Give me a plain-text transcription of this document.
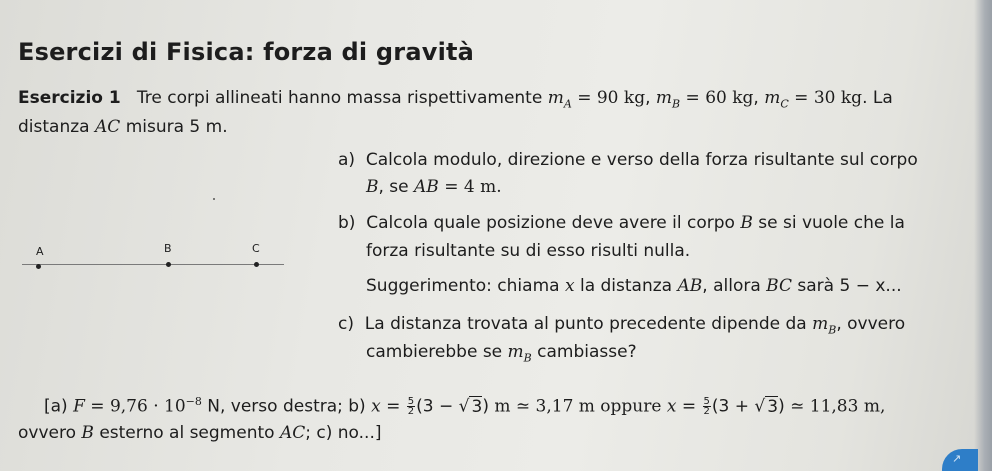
↗
Esercizi di Fisica: forza di gravità
Esercizio 1 Tre corpi allineati hanno massa rispettivamente $m_A = 90$ kg, $m_B = 60$ kg, $m_C = 30$ kg. La
distanza AC misura 5 m.
a) Calcola modulo, direzione e verso della forza risultante sul corpo
B, se AB = 4 m.
b) Calcola quale posizione deve avere il corpo B se si vuole che la
forza risultante su di esso risulti nulla.
Suggerimento: chiama x la distanza AB, allora BC sarà 5 − x...
c) La distanza trovata al punto precedente dipende da $m_B$, ovvero
cambierebbe se $m_B$ cambiasse?
A	B	C
[a) $F = 9,76 \cdot 10^{-8}$ N, verso destra; b) $x = \frac{5}{2} (3$ − √ 3) m ≃ 3,17 m oppure $x = \frac{5}{2} (3$ + √ 3) ≃ 11,83 m,
ovvero B esterno al segmento AC; c) no...]
